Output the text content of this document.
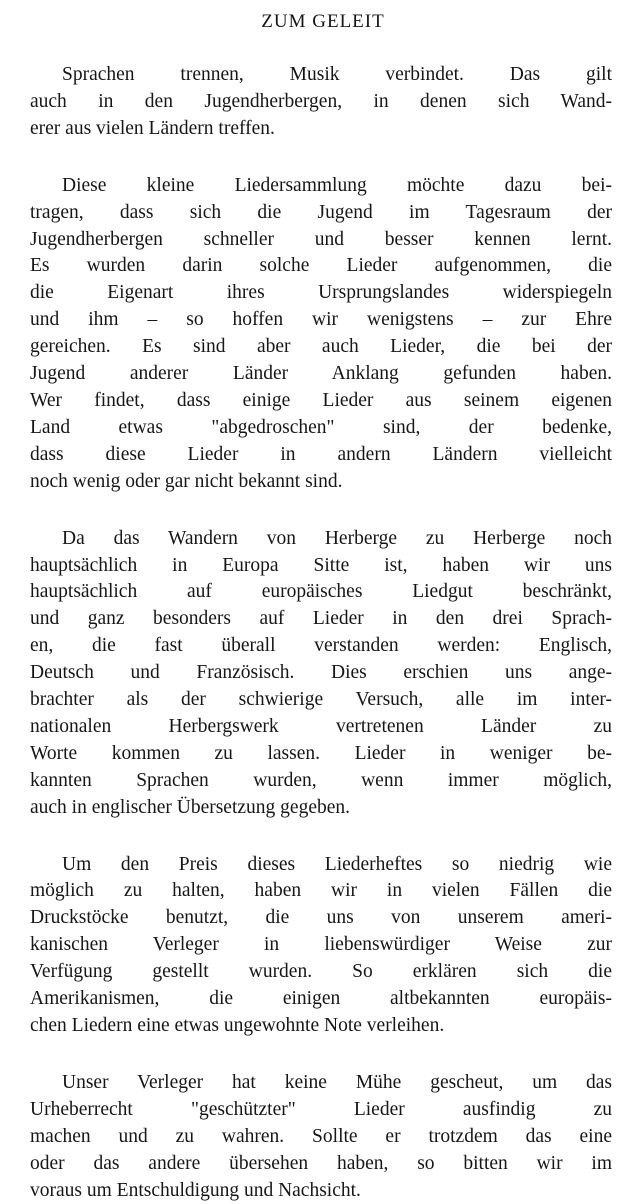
ZUM GELEIT
Sprachen trennen, Musik verbindet. Das gilt
auch in den Jugendherbergen, in denen sich Wand-
erer aus vielen Ländern treffen.
Diese kleine Liedersammlung möchte dazu bei-
tragen, dass sich die Jugend im Tagesraum der
Jugendherbergen schneller und besser kennen lernt.
Es wurden darin solche Lieder aufgenommen, die
die Eigenart ihres Ursprungslandes widerspiegeln
und ihm – so hoffen wir wenigstens – zur Ehre
gereichen. Es sind aber auch Lieder, die bei der
Jugend anderer Länder Anklang gefunden haben.
Wer findet, dass einige Lieder aus seinem eigenen
Land etwas "abgedroschen" sind, der bedenke,
dass diese Lieder in andern Ländern vielleicht
noch wenig oder gar nicht bekannt sind.
Da das Wandern von Herberge zu Herberge noch
hauptsächlich in Europa Sitte ist, haben wir uns
hauptsächlich auf europäisches Liedgut beschränkt,
und ganz besonders auf Lieder in den drei Sprach-
en, die fast überall verstanden werden: Englisch,
Deutsch und Französisch. Dies erschien uns ange-
brachter als der schwierige Versuch, alle im inter-
nationalen Herbergswerk vertretenen Länder zu
Worte kommen zu lassen. Lieder in weniger be-
kannten Sprachen wurden, wenn immer möglich,
auch in englischer Übersetzung gegeben.
Um den Preis dieses Liederheftes so niedrig wie
möglich zu halten, haben wir in vielen Fällen die
Druckstöcke benutzt, die uns von unserem ameri-
kanischen Verleger in liebenswürdiger Weise zur
Verfügung gestellt wurden. So erklären sich die
Amerikanismen, die einigen altbekannten europäis-
chen Liedern eine etwas ungewohnte Note verleihen.
Unser Verleger hat keine Mühe gescheut, um das
Urheberrecht "geschützter" Lieder ausfindig zu
machen und zu wahren. Sollte er trotzdem das eine
oder das andere übersehen haben, so bitten wir im
voraus um Entschuldigung und Nachsicht.
